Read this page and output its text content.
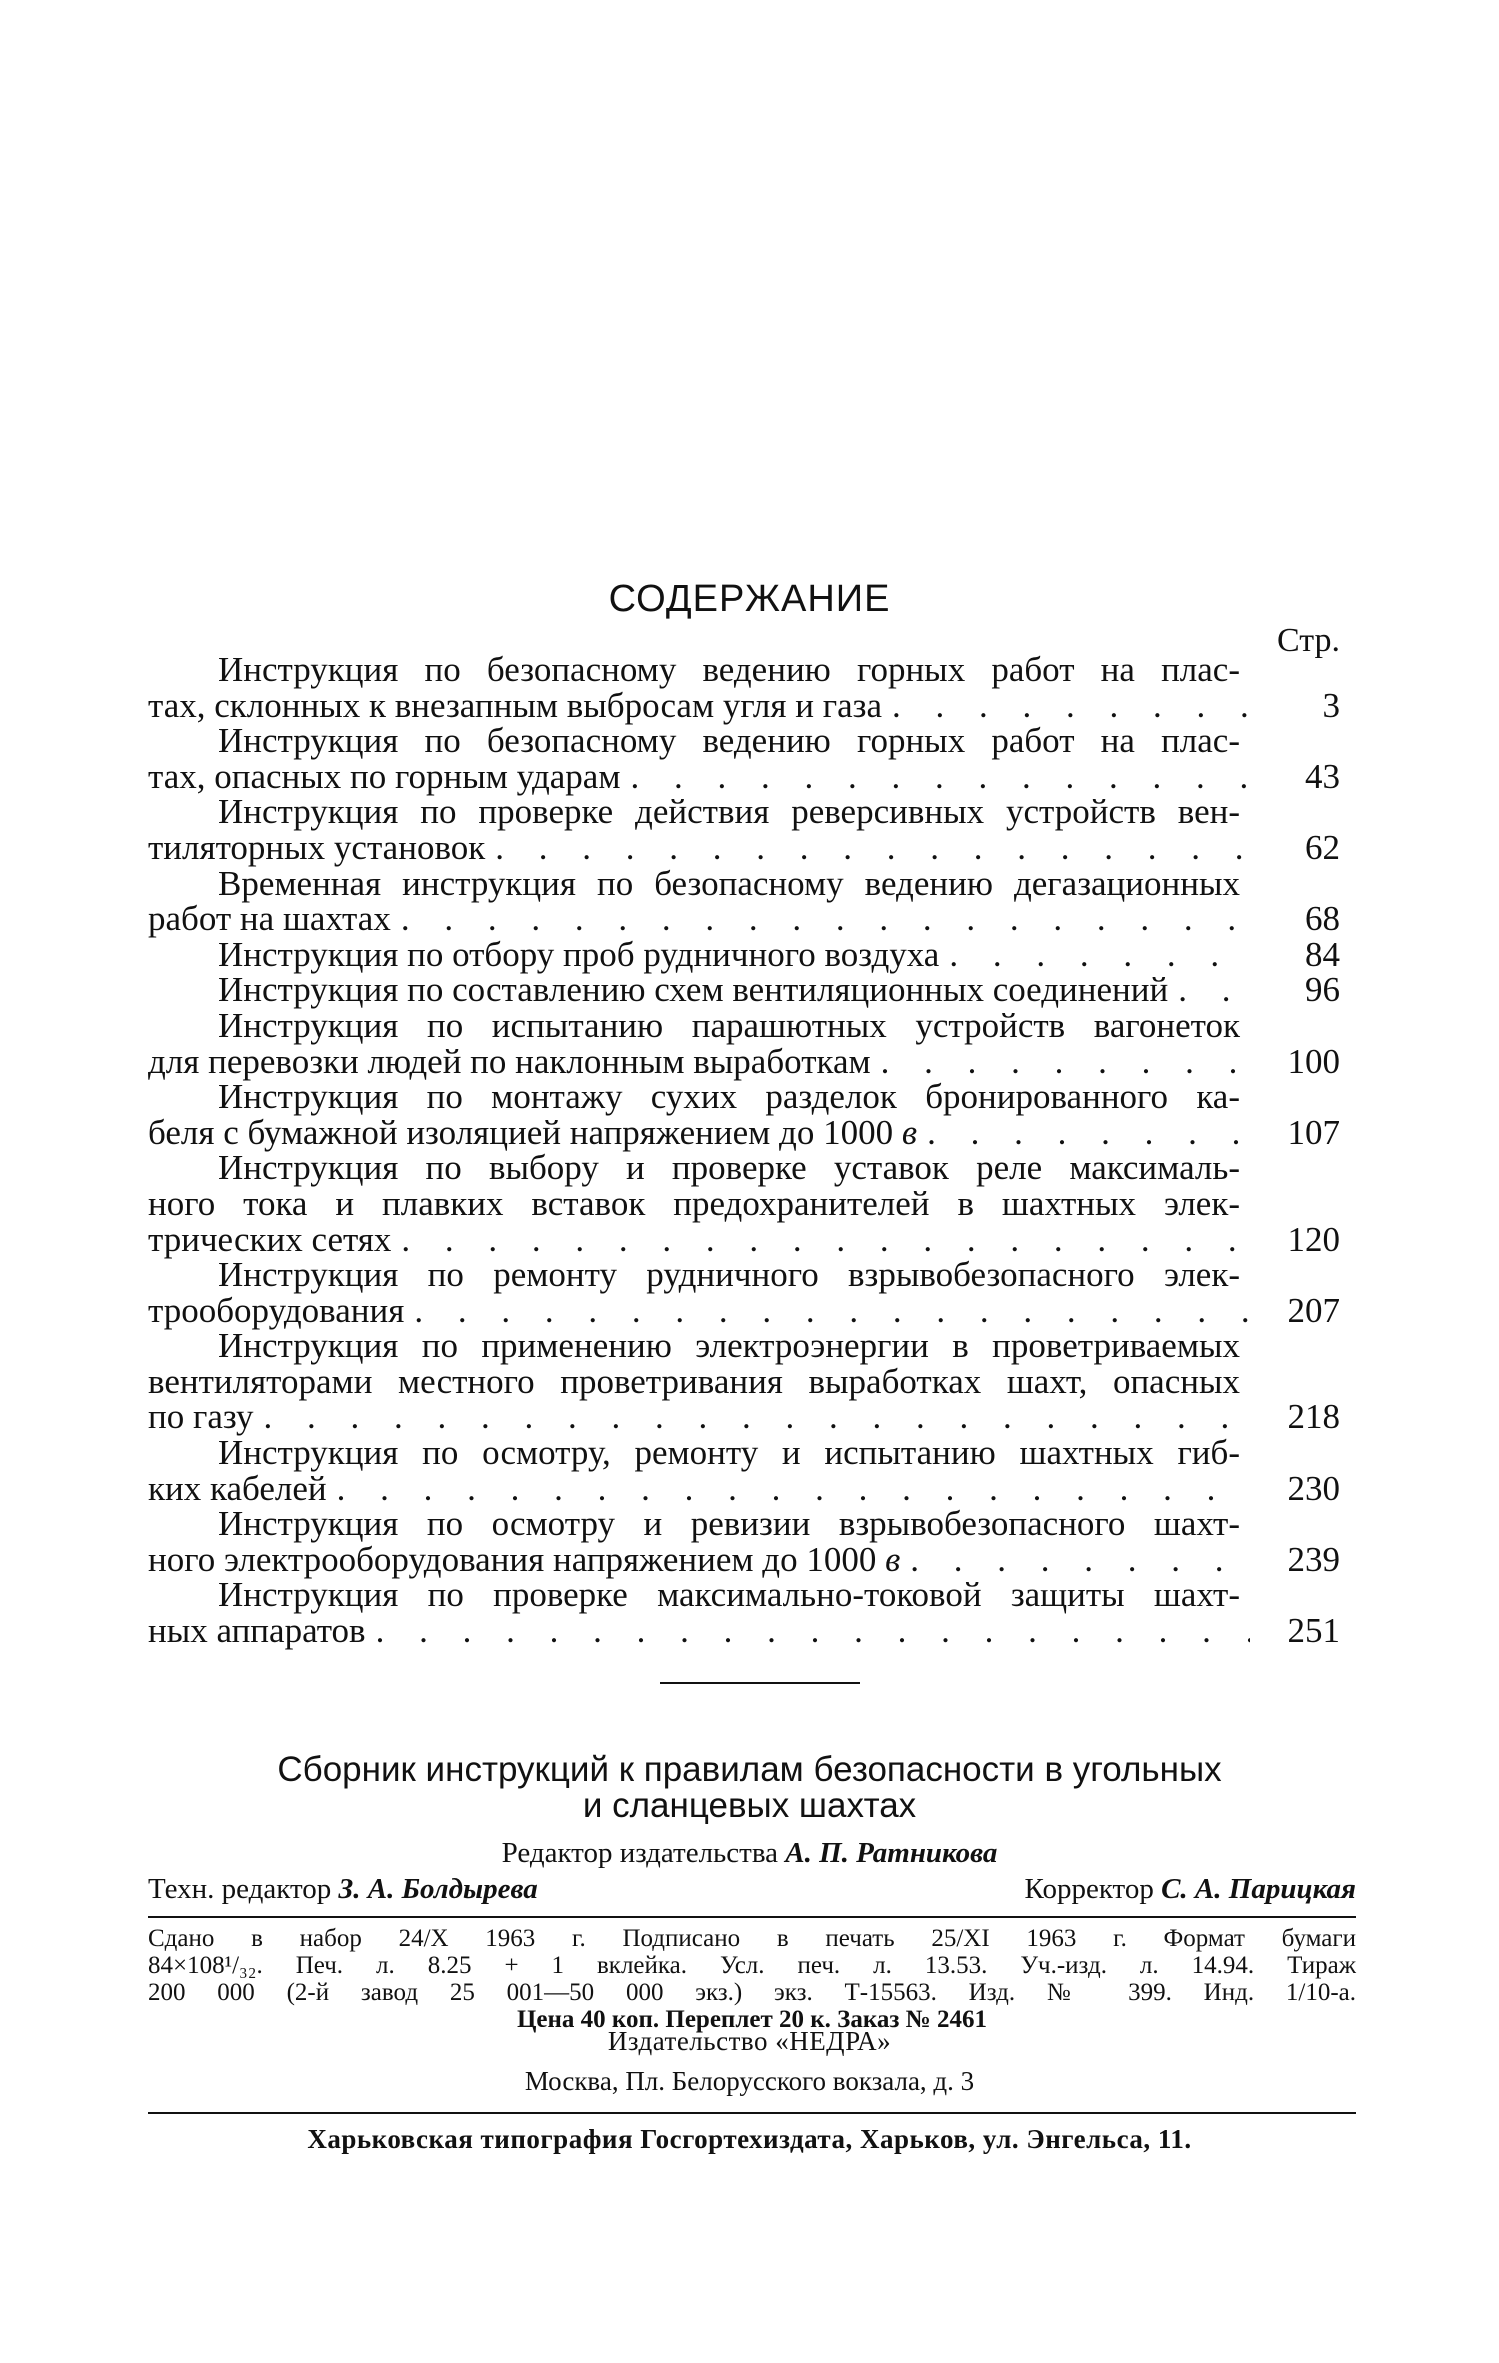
СОДЕРЖАНИЕ
Стр.
Инструкция по безопасному ведению горных работ на плас-
тах, склонных к внезапным выбросам угля и газа . . .	3
Инструкция по безопасному ведению горных работ на плас-
тах, опасных по горным ударам . . .	43
Инструкция по проверке действия реверсивных устройств вен-
тиляторных установок . . .	62
Временная инструкция по безопасному ведению дегазационных
работ на шахтах . . .	68
Инструкция по отбору проб рудничного воздуха . . .	84
Инструкция по составлению схем вентиляционных соединений . . .	96
Инструкция по испытанию парашютных устройств вагонеток
для перевозки людей по наклонным выработкам . . .	100
Инструкция по монтажу сухих разделок бронированного ка-
беля с бумажной изоляцией напряжением до 1000 в . . .	107
Инструкция по выбору и проверке уставок реле максималь-
ного тока и плавких вставок предохранителей в шахтных элек-
трических сетях . . .	120
Инструкция по ремонту рудничного взрывобезопасного элек-
трооборудования . . .	207
Инструкция по применению электроэнергии в проветриваемых
вентиляторами местного проветривания выработках шахт, опасных
по газу . . .	218
Инструкция по осмотру, ремонту и испытанию шахтных гиб-
ких кабелей . . .	230
Инструкция по осмотру и ревизии взрывобезопасного шахт-
ного электрооборудования напряжением до 1000 в . . .	239
Инструкция по проверке максимально-токовой защиты шахт-
ных аппаратов . . .	251
Сборник инструкций к правилам безопасности в угольных
и сланцевых шахтах
Редактор издательства А. П. Ратникова
Техн. редактор З. А. Болдырева	Корректор С. А. Парицкая
Сдано в набор 24/X 1963 г. Подписано в печать 25/XI 1963 г. Формат бумаги
84×108¹/₃₂. Печ. л. 8.25 + 1 вклейка. Усл. печ. л. 13.53. Уч.-изд. л. 14.94. Тираж
200 000 (2-й завод 25 001—50 000 экз.) экз. Т-15563. Изд. № 399. Инд. 1/10-а.
Цена 40 коп. Переплет 20 к. Заказ № 2461
Издательство «НЕДРА»
Москва, Пл. Белорусского вокзала, д. 3
Харьковская типография Госгортехиздата, Харьков, ул. Энгельса, 11.
